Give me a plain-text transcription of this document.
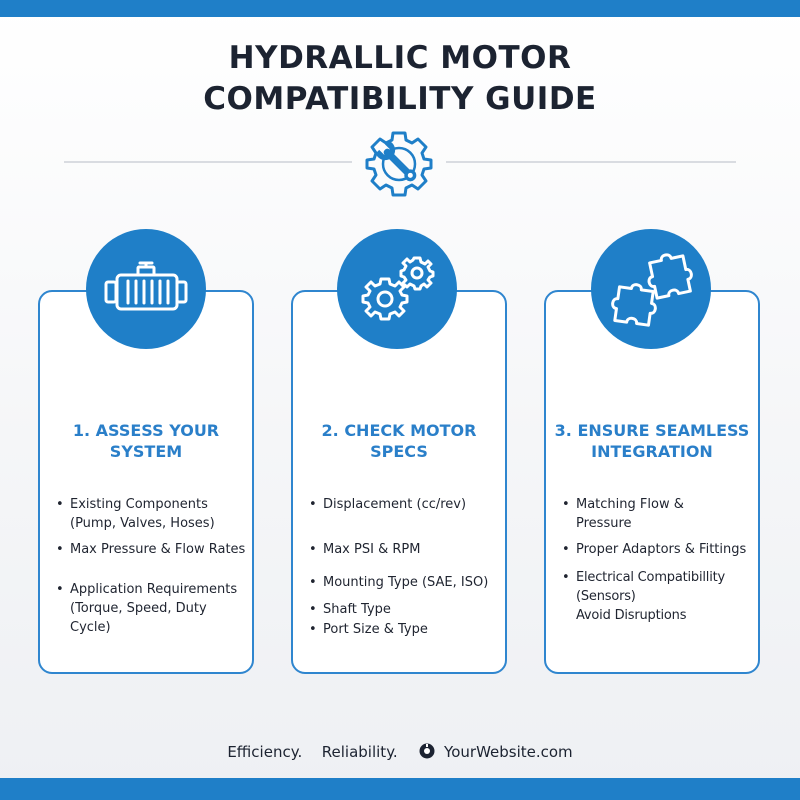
HYDRALLIC MOTOR
COMPATIBILITY GUIDE
1. ASSESS YOUR
SYSTEM
• Existing Components
(Pump, Valves, Hoses)
• Max Pressure & Flow Rates
• Application Requirements
(Torque, Speed, Duty Cycle)
2. CHECK MOTOR
SPECS
• Displacement (cc/rev)
• Max PSI & RPM
• Mounting Type (SAE, ISO)
• Shaft Type
• Port Size & Type
3. ENSURE SEAMLESS
INTEGRATION
• Matching Flow &
Pressure
• Proper Adaptors & Fittings
• Electrical Compatibillity (Sensors)
Avoid Disruptions
Efficiency. Reliability.	YourWebsite.com
